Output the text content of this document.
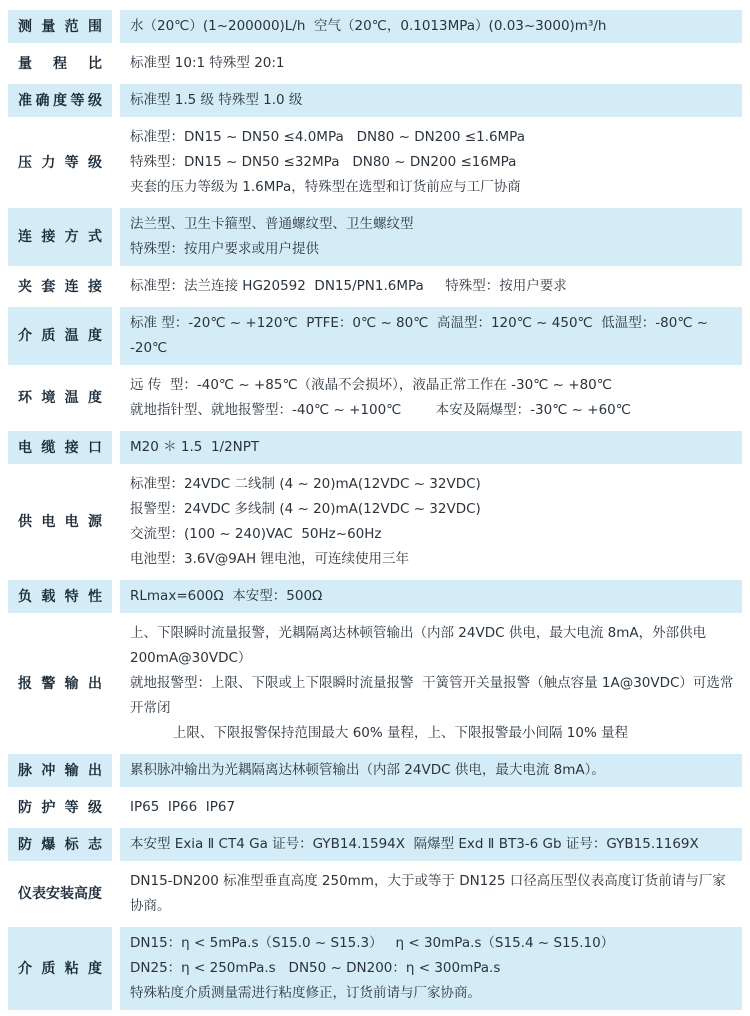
测量范围 水（20℃）(1~200000)L/h  空气（20℃，0.1013MPa）(0.03~3000)m³/h
量程比 标准型 10:1 特殊型 20:1
准确度等级 标准型 1.5 级 特殊型 1.0 级
压力等级
标准型：DN15 ~ DN50 ≤4.0MPa   DN80 ~ DN200 ≤1.6MPa
特殊型：DN15 ~ DN50 ≤32MPa   DN80 ~ DN200 ≤16MPa
夹套的压力等级为 1.6MPa，特殊型在选型和订货前应与工厂协商
连接方式
法兰型、卫生卡箍型、普通螺纹型、卫生螺纹型
特殊型：按用户要求或用户提供
夹套连接 标准型：法兰连接 HG20592  DN15/PN1.6MPa     特殊型：按用户要求
介质温度
标准 型：-20℃ ~ +120℃  PTFE：0℃ ~ 80℃  高温型：120℃ ~ 450℃  低温型：-80℃ ~ -20℃
环境温度
远 传  型：-40℃ ~ +85℃（液晶不会损坏），液晶正常工作在 -30℃ ~ +80℃
就地指针型、就地报警型：-40℃ ~ +100℃        本安及隔爆型：-30℃ ~ +60℃
电缆接口 M20 ＊ 1.5  1/2NPT
供电电源
标准型：24VDC 二线制 (4 ~ 20)mA(12VDC ~ 32VDC)
报警型：24VDC 多线制 (4 ~ 20)mA(12VDC ~ 32VDC)
交流型：(100 ~ 240)VAC  50Hz~60Hz
电池型：3.6V@9AH 锂电池，可连续使用三年
负载特性 RLmax=600Ω  本安型：500Ω
报警输出
上、下限瞬时流量报警，光耦隔离达林顿管输出（内部 24VDC 供电，最大电流 8mA，外部供电 200mA@30VDC）
就地报警型：上限、下限或上下限瞬时流量报警  干簧管开关量报警（触点容量 1A@30VDC）可选常开常闭
上限、下限报警保持范围最大 60% 量程，上、下限报警最小间隔 10% 量程
脉冲输出 累积脉冲输出为光耦隔离达林顿管输出（内部 24VDC 供电，最大电流 8mA）。
防护等级 IP65  IP66  IP67
防爆标志 本安型 Exia Ⅱ CT4 Ga 证号：GYB14.1594X  隔爆型 Exd Ⅱ BT3-6 Gb 证号：GYB15.1169X
仪表安装高度
DN15-DN200 标准型垂直高度 250mm，大于或等于 DN125 口径高压型仪表高度订货前请与厂家协商。
介质粘度
DN15：η < 5mPa.s（S15.0 ~ S15.3）   η < 30mPa.s（S15.4 ~ S15.10）
DN25：η < 250mPa.s   DN50 ~ DN200：η < 300mPa.s
特殊粘度介质测量需进行粘度修正，订货前请与厂家协商。
